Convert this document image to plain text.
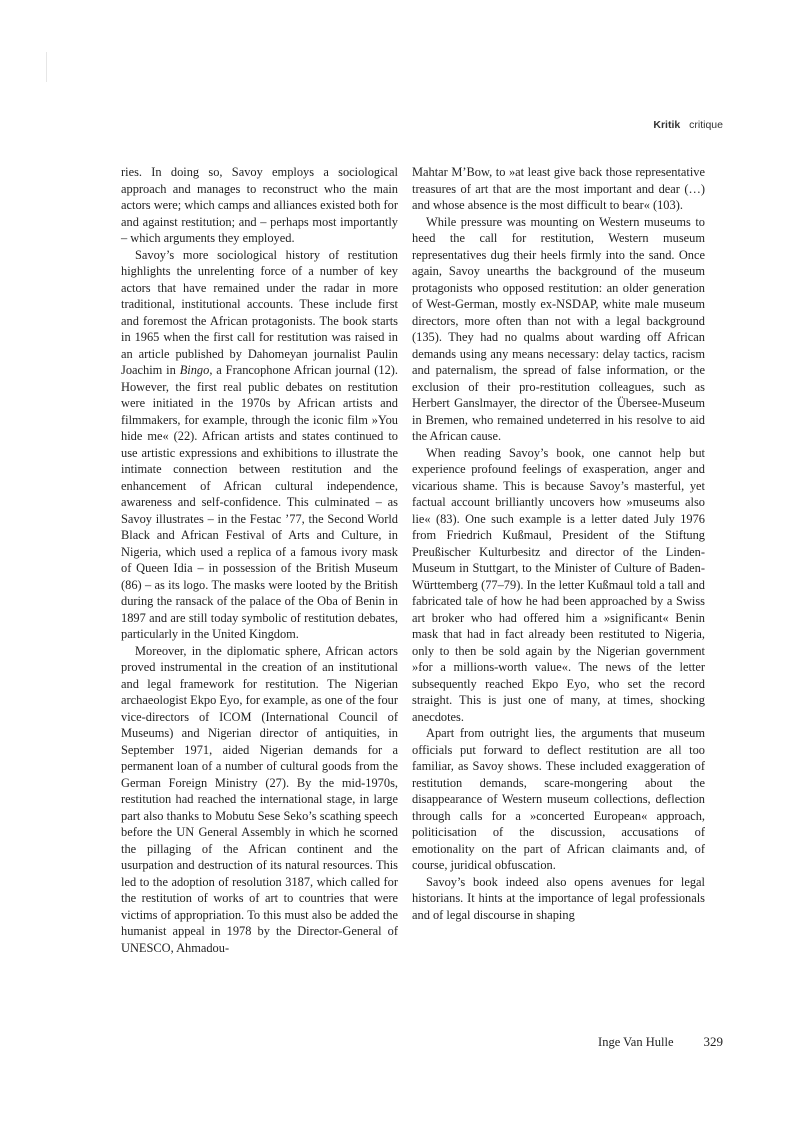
Kritik critique

ries. In doing so, Savoy employs a sociological approach and manages to reconstruct who the main actors were; which camps and alliances existed both for and against restitution; and – perhaps most importantly – which arguments they employed.

Savoy’s more sociological history of restitution highlights the unrelenting force of a number of key actors that have remained under the radar in more traditional, institutional accounts. These include first and foremost the African protagonists. The book starts in 1965 when the first call for restitution was raised in an article published by Dahomeyan journalist Paulin Joachim in Bingo, a Francophone African journal (12). However, the first real public debates on restitution were initiated in the 1970s by African artists and filmmakers, for example, through the iconic film »You hide me« (22). African artists and states continued to use artistic expressions and exhibitions to illustrate the intimate connection between restitution and the enhancement of African cultural independence, awareness and self-confidence. This culminated – as Savoy illustrates – in the Festac ’77, the Second World Black and African Festival of Arts and Culture, in Nigeria, which used a replica of a famous ivory mask of Queen Idia – in possession of the British Museum (86) – as its logo. The masks were looted by the British during the ransack of the palace of the Oba of Benin in 1897 and are still today symbolic of restitution debates, particularly in the United Kingdom.

Moreover, in the diplomatic sphere, African actors proved instrumental in the creation of an institutional and legal framework for restitution. The Nigerian archaeologist Ekpo Eyo, for example, as one of the four vice-directors of ICOM (International Council of Museums) and Nigerian director of antiquities, in September 1971, aided Nigerian demands for a permanent loan of a number of cultural goods from the German Foreign Ministry (27). By the mid-1970s, restitution had reached the international stage, in large part also thanks to Mobutu Sese Seko’s scathing speech before the UN General Assembly in which he scorned the pillaging of the African continent and the usurpation and destruction of its natural resources. This led to the adoption of resolution 3187, which called for the restitution of works of art to countries that were victims of appropriation. To this must also be added the humanist appeal in 1978 by the Director-General of UNESCO, Ahmadou-

Mahtar M’Bow, to »at least give back those representative treasures of art that are the most important and dear (…) and whose absence is the most difficult to bear« (103).

While pressure was mounting on Western museums to heed the call for restitution, Western museum representatives dug their heels firmly into the sand. Once again, Savoy unearths the background of the museum protagonists who opposed restitution: an older generation of West-German, mostly ex-NSDAP, white male museum directors, more often than not with a legal background (135). They had no qualms about warding off African demands using any means necessary: delay tactics, racism and paternalism, the spread of false information, or the exclusion of their pro-restitution colleagues, such as Herbert Ganslmayer, the director of the Übersee-Museum in Bremen, who remained undeterred in his resolve to aid the African cause.

When reading Savoy’s book, one cannot help but experience profound feelings of exasperation, anger and vicarious shame. This is because Savoy’s masterful, yet factual account brilliantly uncovers how »museums also lie« (83). One such example is a letter dated July 1976 from Friedrich Kußmaul, President of the Stiftung Preußischer Kulturbesitz and director of the Linden-Museum in Stuttgart, to the Minister of Culture of Baden-Württemberg (77–79). In the letter Kußmaul told a tall and fabricated tale of how he had been approached by a Swiss art broker who had offered him a »significant« Benin mask that had in fact already been restituted to Nigeria, only to then be sold again by the Nigerian government »for a millions-worth value«. The news of the letter subsequently reached Ekpo Eyo, who set the record straight. This is just one of many, at times, shocking anecdotes.

Apart from outright lies, the arguments that museum officials put forward to deflect restitution are all too familiar, as Savoy shows. These included exaggeration of restitution demands, scare-mongering about the disappearance of Western museum collections, deflection through calls for a »concerted European« approach, politicisation of the discussion, accusations of emotionality on the part of African claimants and, of course, juridical obfuscation.

Savoy’s book indeed also opens avenues for legal historians. It hints at the importance of legal professionals and of legal discourse in shaping

Inge Van Hulle 329
